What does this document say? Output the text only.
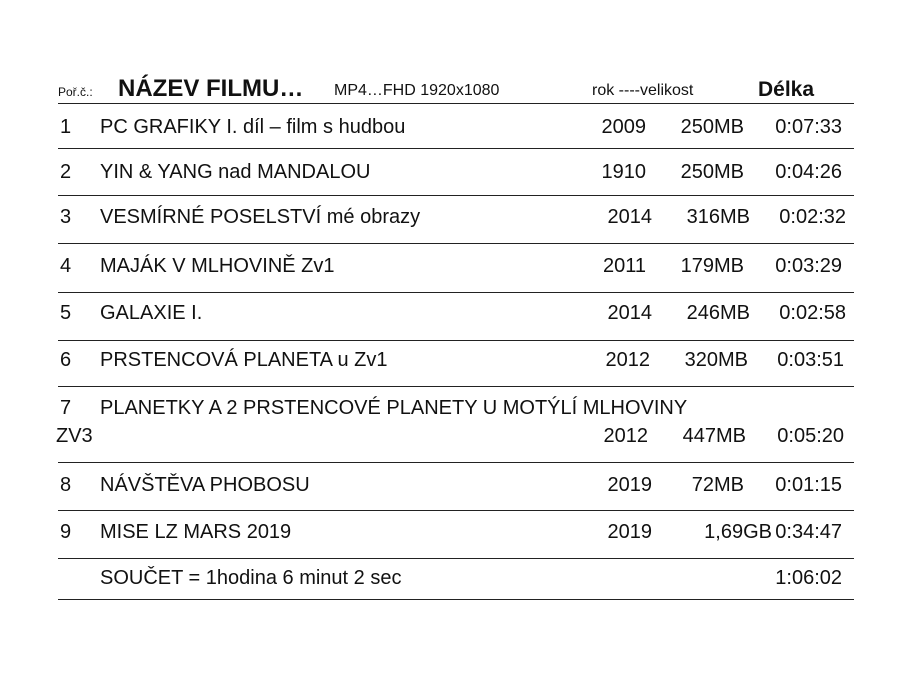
Poř.č.: NÁZEV FILMU… MP4…FHD 1920x1080	rok ----velikost	Délka
1 PC GRAFIKY I. díl – film s hudbou	2009 250MB 0:07:33
2 YIN & YANG nad MANDALOU	1910 250MB 0:04:26
3 VESMÍRNÉ POSELSTVÍ mé obrazy	2014 316MB 0:02:32
4 MAJÁK V MLHOVINĚ Zv1	2011 179MB 0:03:29
5 GALAXIE I.	2014 246MB 0:02:58
6 PRSTENCOVÁ PLANETA u Zv1	2012 320MB 0:03:51
7 PLANETKY A 2 PRSTENCOVÉ PLANETY U MOTÝLÍ MLHOVINY
ZV3	2012 447MB 0:05:20
8 NÁVŠTĚVA PHOBOSU	2019 72MB 0:01:15
9 MISE LZ MARS 2019	2019	1,69GB 0:34:47
SOUČET = 1hodina 6 minut 2 sec	1:06:02
